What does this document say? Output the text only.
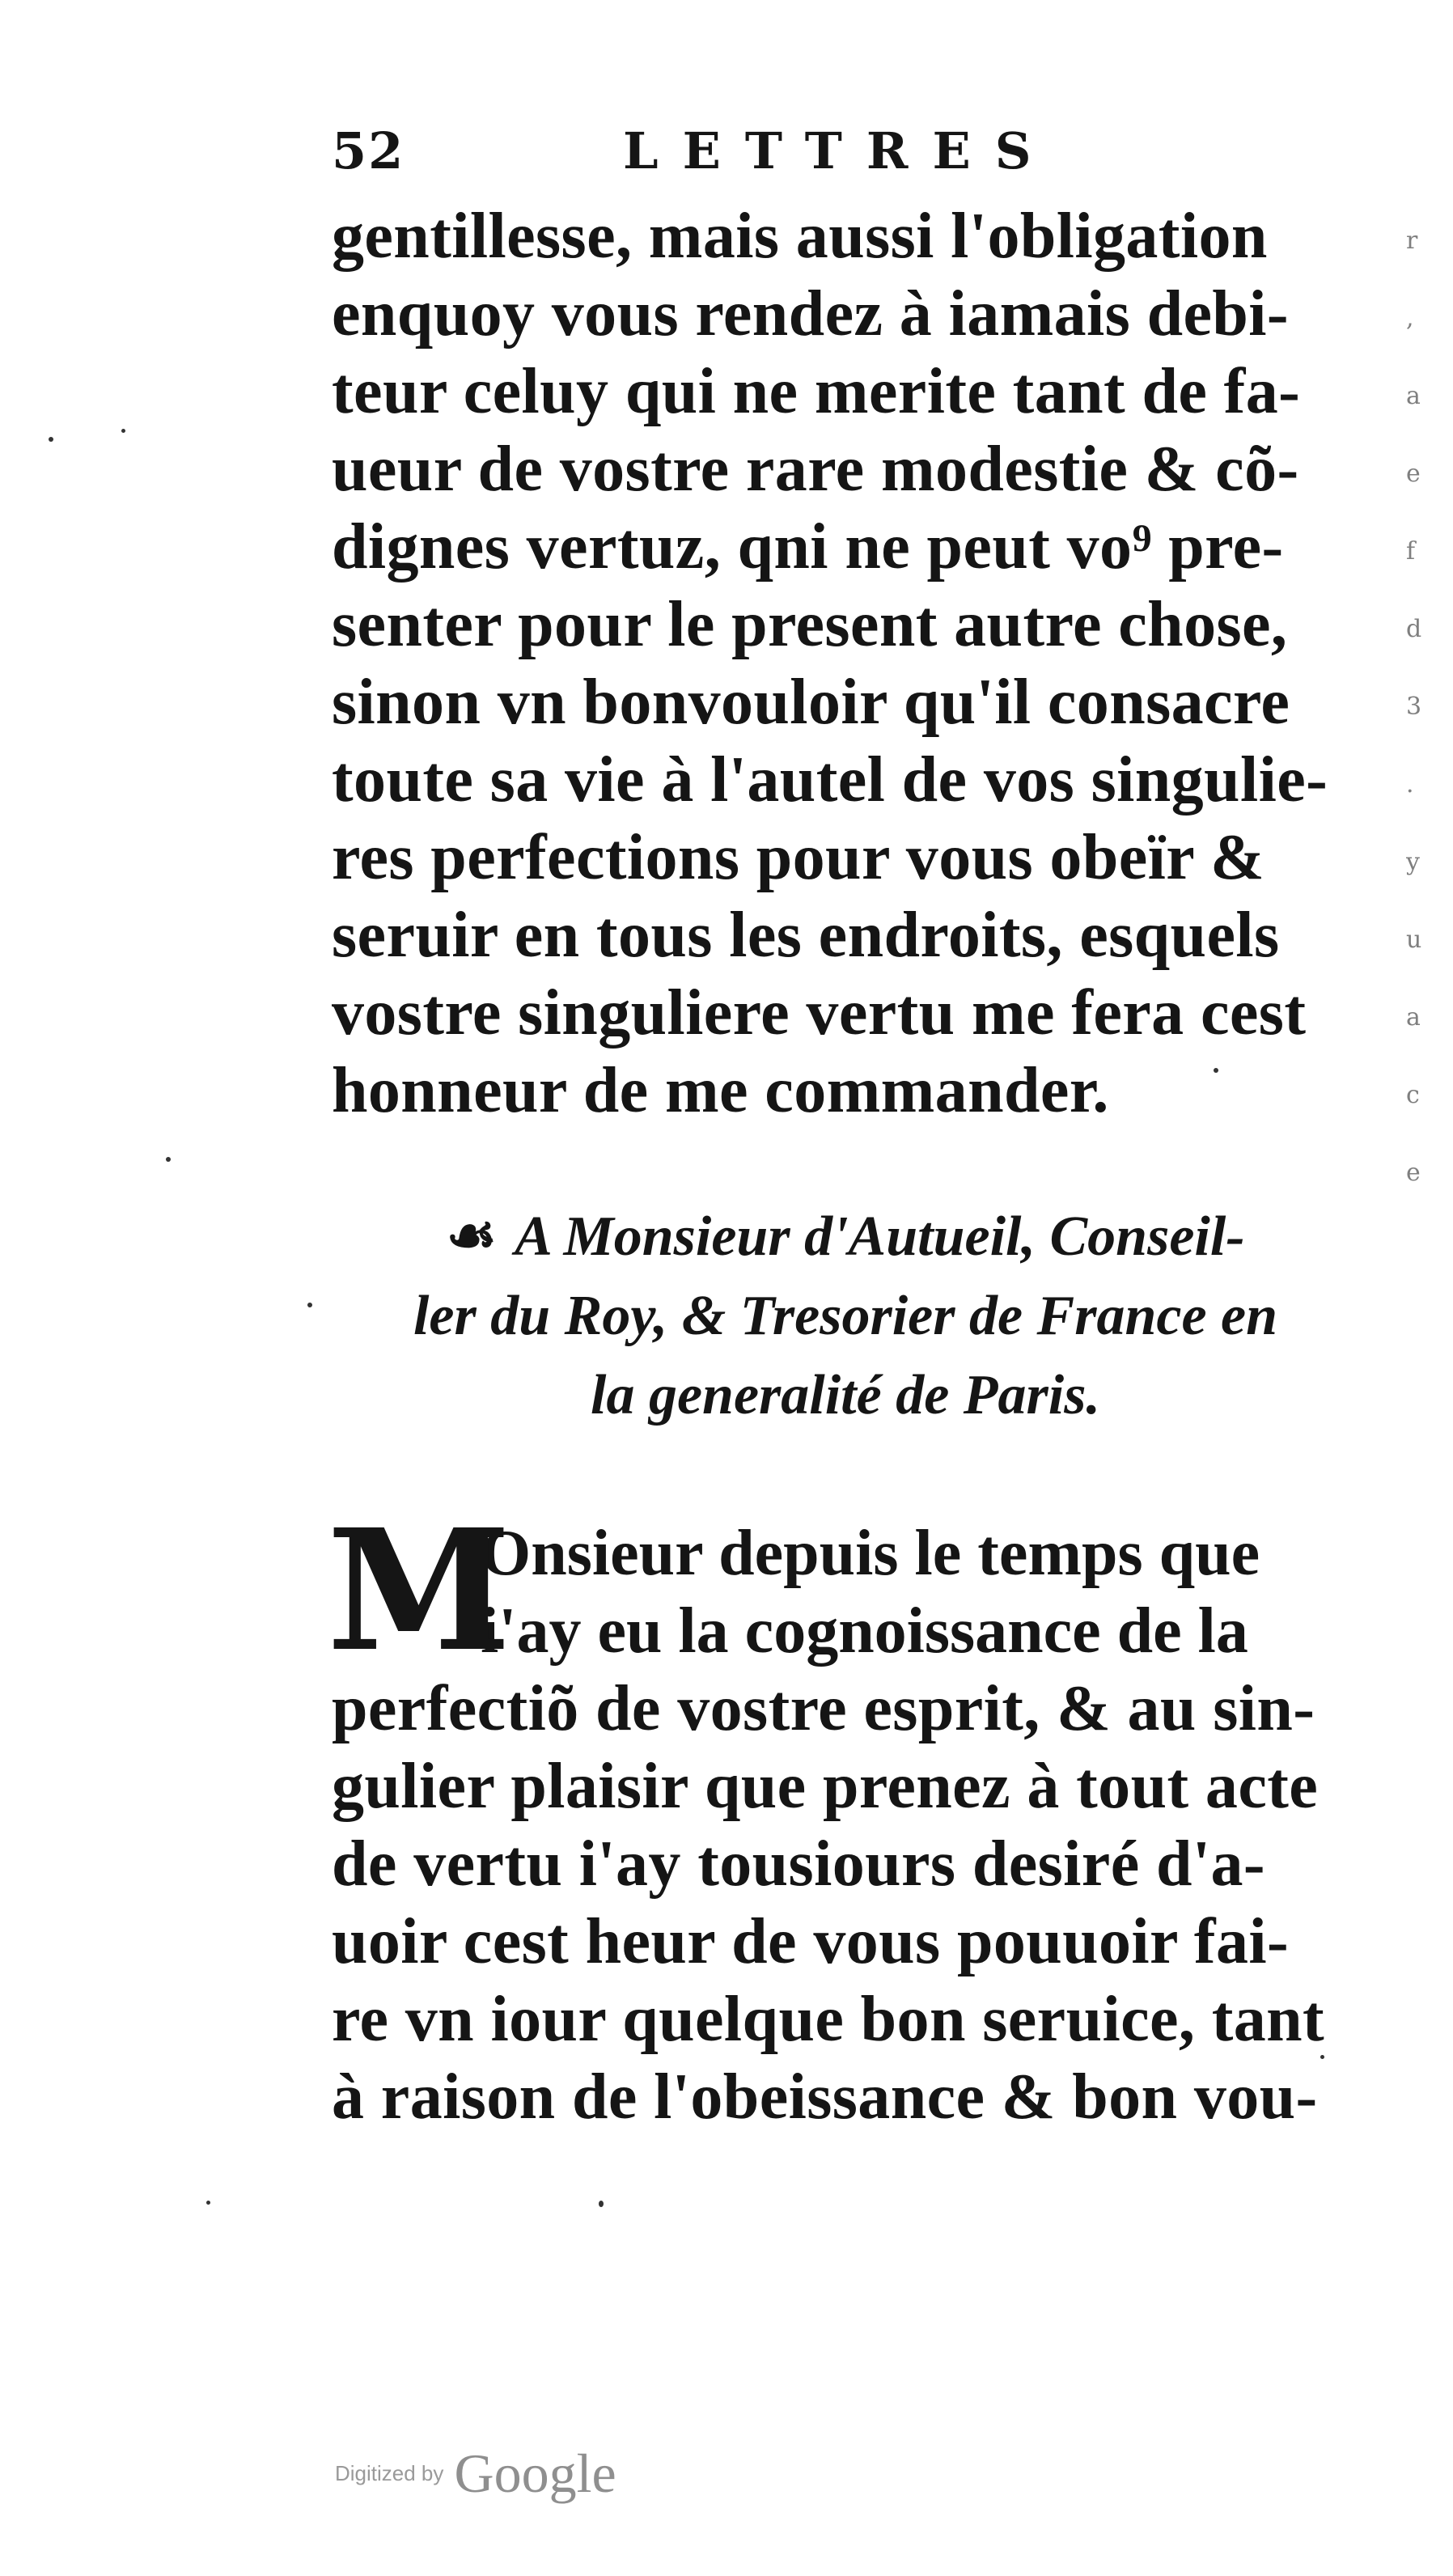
r
,
a
e
f
d
3
.
y
u
a
c
e

52	LETTRES
gentillesse, mais aussi l'obligation
enquoy vous rendez à iamais debi-
teur celuy qui ne merite tant de fa-
ueur de vostre rare modestie & cõ-
dignes vertuz, qni ne peut vo⁹ pre-
senter pour le present autre chose,
sinon vn bonvouloir qu'il consacre
toute sa vie à l'autel de vos singulie-
res perfections pour vous obeïr &
seruir en tous les endroits, esquels
vostre singuliere vertu me fera cest
honneur de me commander.
☙ A Monsieur d'Autueil, Conseil-
ler du Roy, & Tresorier de France en
la generalité de Paris.
M
Onsieur depuis le temps que
i'ay eu la cognoissance de la
perfectiõ de vostre esprit, & au sin-
gulier plaisir que prenez à tout acte
de vertu i'ay tousiours desiré d'a-
uoir cest heur de vous pouuoir fai-
re vn iour quelque bon seruice, tant
à raison de l'obeissance & bon vou-
Digitized by Google
